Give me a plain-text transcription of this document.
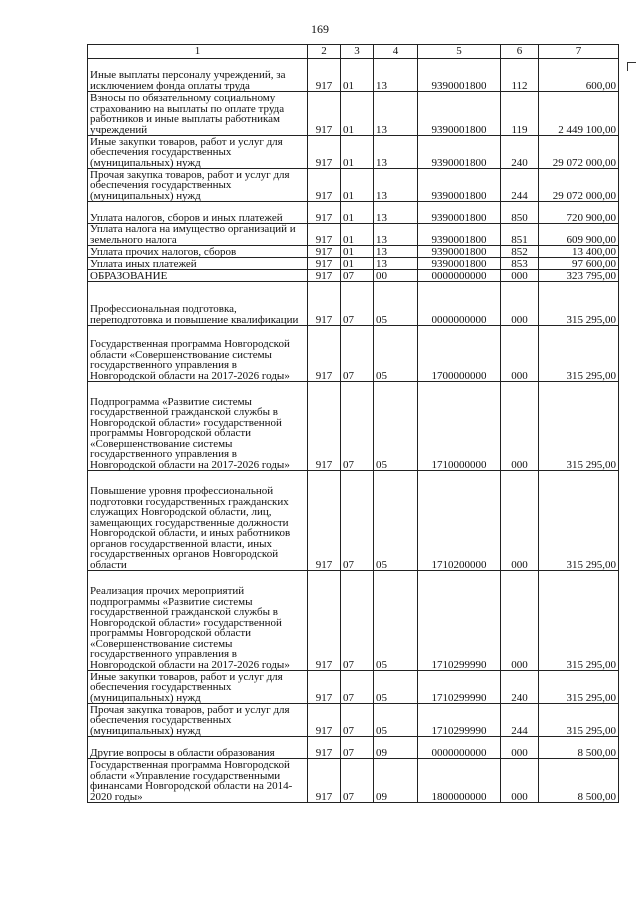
169
1	2	3	4	5	6	7
Иные выплаты персоналу учреждений, за исключением фонда оплаты труда	917	01	13	9390001800	112	600,00
Взносы по обязательному социальному страхованию на выплаты по оплате труда работников и иные выплаты работникам учреждений	917	01	13	9390001800	119	2 449 100,00
Иные закупки товаров, работ и услуг для обеспечения государственных (муниципальных) нужд	917	01	13	9390001800	240	29 072 000,00
Прочая закупка товаров, работ и услуг для обеспечения государственных (муниципальных) нужд	917	01	13	9390001800	244	29 072 000,00
Уплата налогов, сборов и иных платежей	917	01	13	9390001800	850	720 900,00
Уплата налога на имущество организаций и земельного налога	917	01	13	9390001800	851	609 900,00
Уплата прочих налогов, сборов	917	01	13	9390001800	852	13 400,00
Уплата иных платежей	917	01	13	9390001800	853	97 600,00
ОБРАЗОВАНИЕ	917	07	00	0000000000	000	323 795,00
Профессиональная подготовка, переподготовка и повышение квалификации	917	07	05	0000000000	000	315 295,00
Государственная программа Новгородской области «Совершенствование системы государственного управления в Новгородской области на 2017-2026 годы»	917	07	05	1700000000	000	315 295,00
Подпрограмма «Развитие системы государственной гражданской службы в Новгородской области» государственной программы Новгородской области «Совершенствование системы государственного управления в Новгородской области на 2017-2026 годы»	917	07	05	1710000000	000	315 295,00
Повышение уровня профессиональной подготовки государственных гражданских служащих Новгородской области, лиц, замещающих государственные должности Новгородской области, и иных работников органов государственной власти, иных государственных органов Новгородской области	917	07	05	1710200000	000	315 295,00
Реализация прочих мероприятий подпрограммы «Развитие системы государственной гражданской службы в Новгородской области» государственной программы Новгородской области «Совершенствование системы государственного управления в Новгородской области на 2017-2026 годы»	917	07	05	1710299990	000	315 295,00
Иные закупки товаров, работ и услуг для обеспечения государственных (муниципальных) нужд	917	07	05	1710299990	240	315 295,00
Прочая закупка товаров, работ и услуг для обеспечения государственных (муниципальных) нужд	917	07	05	1710299990	244	315 295,00
Другие вопросы в области образования	917	07	09	0000000000	000	8 500,00
Государственная программа Новгородской области «Управление государственными финансами Новгородской области на 2014-2020 годы»	917	07	09	1800000000	000	8 500,00
